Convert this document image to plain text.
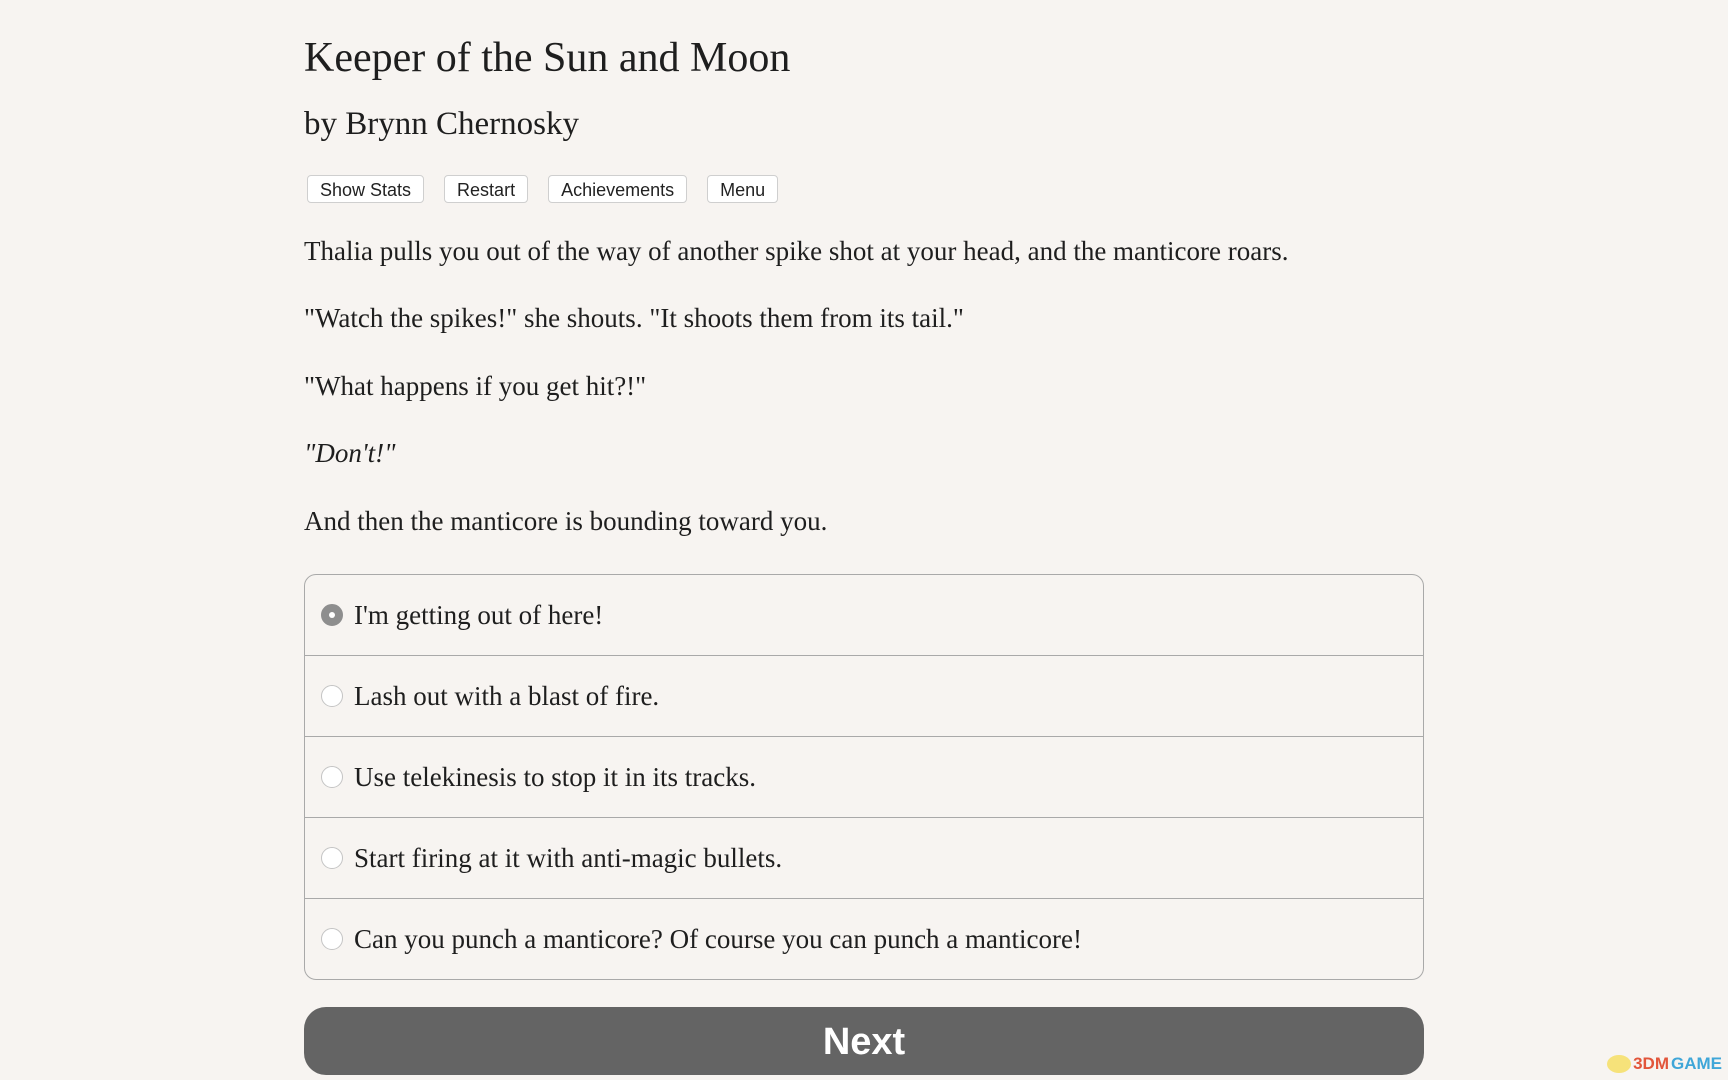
Keeper of the Sun and Moon
by Brynn Chernosky
Show Stats	Restart	Achievements	Menu
Thalia pulls you out of the way of another spike shot at your head, and the manticore roars.
"Watch the spikes!" she shouts. "It shoots them from its tail."
"What happens if you get hit?!"
"Don't!"
And then the manticore is bounding toward you.
I'm getting out of here!
Lash out with a blast of fire.
Use telekinesis to stop it in its tracks.
Start firing at it with anti-magic bullets.
Can you punch a manticore? Of course you can punch a manticore!
Next
3DM GAME
